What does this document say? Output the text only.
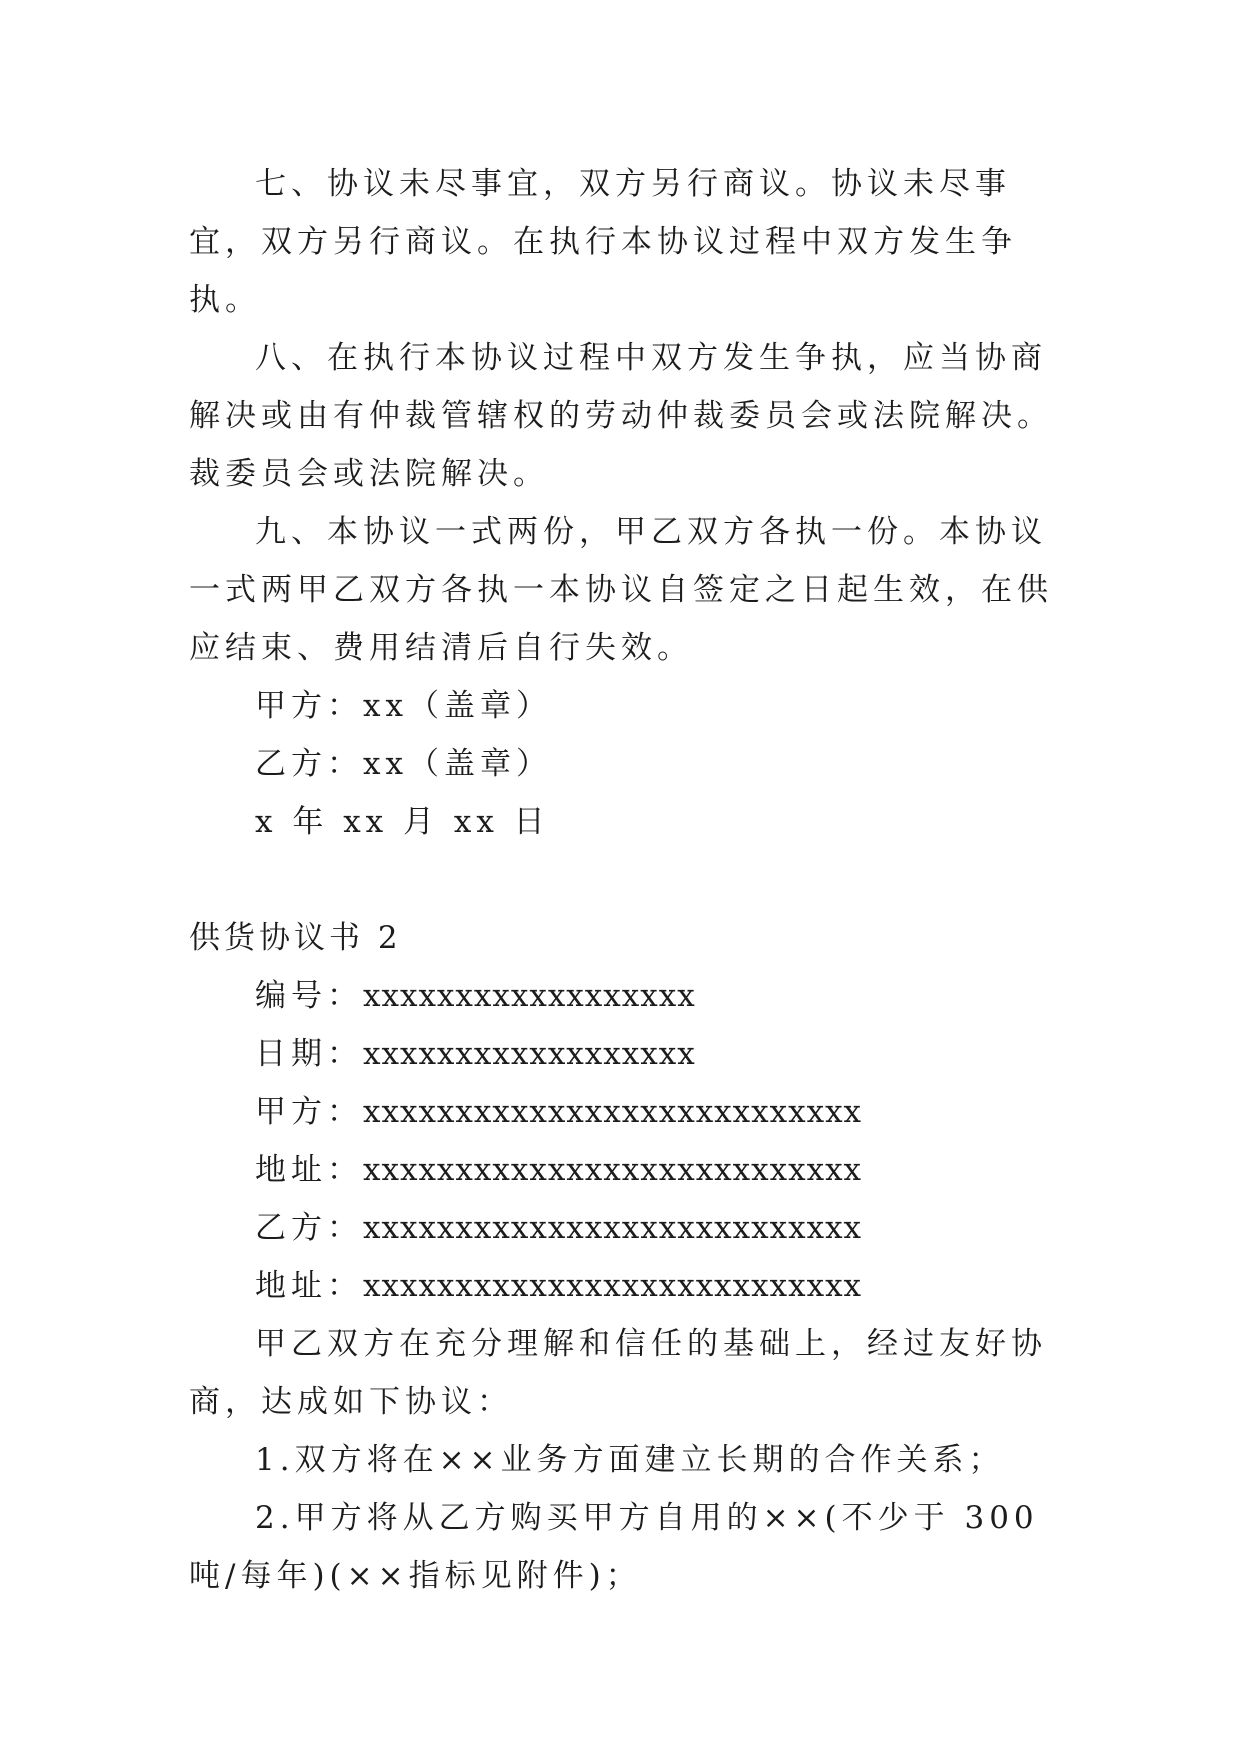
七、协议未尽事宜，双方另行商议。协议未尽事宜，双方另行商议。在执行本协议过程中双方发生争执。

八、在执行本协议过程中双方发生争执，应当协商解决或由有仲裁管辖权的劳动仲裁委员会或法院解决。裁委员会或法院解决。

九、本协议一式两份，甲乙双方各执一份。本协议一式两甲乙双方各执一本协议自签定之日起生效，在供应结束、费用结清后自行失效。

甲方：xx（盖章）

乙方：xx（盖章）

x 年 xx 月 xx 日

供货协议书 2

编号：xxxxxxxxxxxxxxxxxx

日期：xxxxxxxxxxxxxxxxxx

甲方：xxxxxxxxxxxxxxxxxxxxxxxxxxx

地址：xxxxxxxxxxxxxxxxxxxxxxxxxxx

乙方：xxxxxxxxxxxxxxxxxxxxxxxxxxx

地址：xxxxxxxxxxxxxxxxxxxxxxxxxxx

甲乙双方在充分理解和信任的基础上，经过友好协商，达成如下协议：

1.双方将在××业务方面建立长期的合作关系；

2.甲方将从乙方购买甲方自用的××(不少于 300 吨/每年)(××指标见附件)；
